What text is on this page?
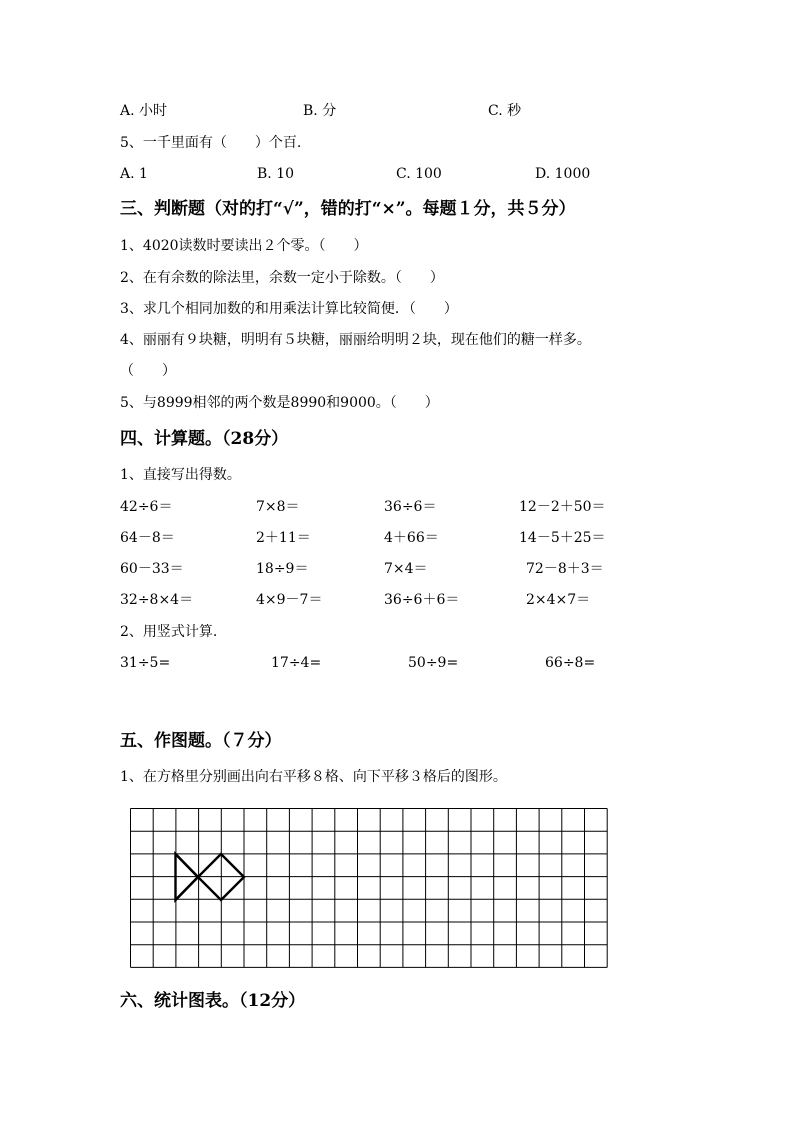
A. 小时	B. 分	C. 秒
5、一千里面有（　　）个百.
A. 1	B. 10	C. 100	D. 1000
三、判断题（对的打“√”，错的打“×”。每题１分，共５分）
1、4020读数时要读出２个零。（　　）
2、在有余数的除法里，余数一定小于除数。（　　）
3、求几个相同加数的和用乘法计算比较简便．（　　）
4、丽丽有９块糖，明明有５块糖，丽丽给明明２块，现在他们的糖一样多。
（　　）
5、与8999相邻的两个数是8990和9000。（　　）
四、计算题。（28分）
1、直接写出得数。
42÷6＝	7×8＝	36÷6＝	12－2＋50＝
64－8＝	2＋11＝	4＋66＝	14－5＋25＝
60－33＝	18÷9＝	7×4＝	72－8＋3＝
32÷8×4＝	4×9－7＝	36÷6＋6＝	2×4×7＝
2、用竖式计算.
31÷5=	17÷4=	50÷9=	66÷8=
五、作图题。（７分）
1、在方格里分别画出向右平移８格、向下平移３格后的图形。
六、统计图表。（12分）
